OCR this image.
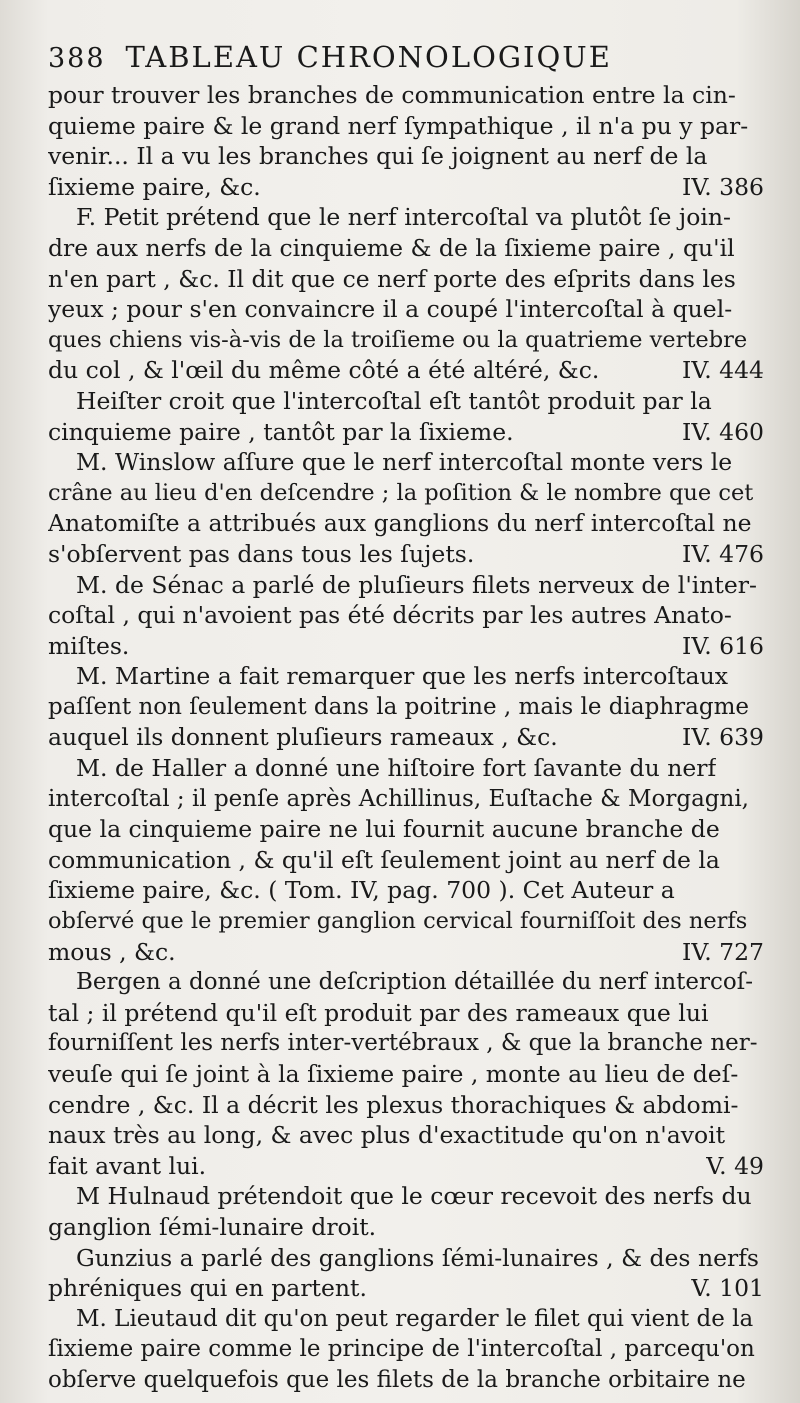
388 TABLEAU CHRONOLOGIQUE
pour trouver les branches de communication entre la cin-
quieme paire & le grand nerf ſympathique , il n'a pu y par-
venir... Il a vu les branches qui ſe joignent au nerf de la
ſixieme paire, &c.	IV. 386
F. Petit prétend que le nerf intercoſtal va plutôt ſe join-
dre aux nerfs de la cinquieme & de la ſixieme paire , qu'il
n'en part , &c. Il dit que ce nerf porte des eſprits dans les
yeux ; pour s'en convaincre il a coupé l'intercoſtal à quel-
ques chiens vis-à-vis de la troiſieme ou la quatrieme vertebre
du col , & l'œil du même côté a été altéré, &c.	IV. 444
Heiſter croit que l'intercoſtal eſt tantôt produit par la
cinquieme paire , tantôt par la ſixieme.	IV. 460
M. Winslow aſſure que le nerf intercoſtal monte vers le
crâne au lieu d'en deſcendre ; la poſition & le nombre que cet
Anatomiſte a attribués aux ganglions du nerf intercoſtal ne
s'obſervent pas dans tous les ſujets.	IV. 476
M. de Sénac a parlé de pluſieurs filets nerveux de l'inter-
coſtal , qui n'avoient pas été décrits par les autres Anato-
miſtes.	IV. 616
M. Martine a fait remarquer que les nerfs intercoſtaux
paſſent non ſeulement dans la poitrine , mais le diaphragme
auquel ils donnent pluſieurs rameaux , &c.	IV. 639
M. de Haller a donné une hiſtoire fort ſavante du nerf
intercoſtal ; il penſe après Achillinus, Euſtache & Morgagni,
que la cinquieme paire ne lui fournit aucune branche de
communication , & qu'il eſt ſeulement joint au nerf de la
ſixieme paire, &c. ( Tom. IV, pag. 700 ). Cet Auteur a
obſervé que le premier ganglion cervical fourniſſoit des nerfs
mous , &c.	IV. 727
Bergen a donné une deſcription détaillée du nerf intercoſ-
tal ; il prétend qu'il eſt produit par des rameaux que lui
fourniſſent les nerfs inter-vertébraux , & que la branche ner-
veuſe qui ſe joint à la ſixieme paire , monte au lieu de deſ-
cendre , &c. Il a décrit les plexus thorachiques & abdomi-
naux très au long, & avec plus d'exactitude qu'on n'avoit
fait avant lui.	V. 49
M Hulnaud prétendoit que le cœur recevoit des nerfs du
ganglion ſémi-lunaire droit.
Gunzius a parlé des ganglions ſémi-lunaires , & des nerfs
phréniques qui en partent.	V. 101
M. Lieutaud dit qu'on peut regarder le filet qui vient de la
ſixieme paire comme le principe de l'intercoſtal , parcequ'on
obſerve quelquefois que les filets de la branche orbitaire ne
